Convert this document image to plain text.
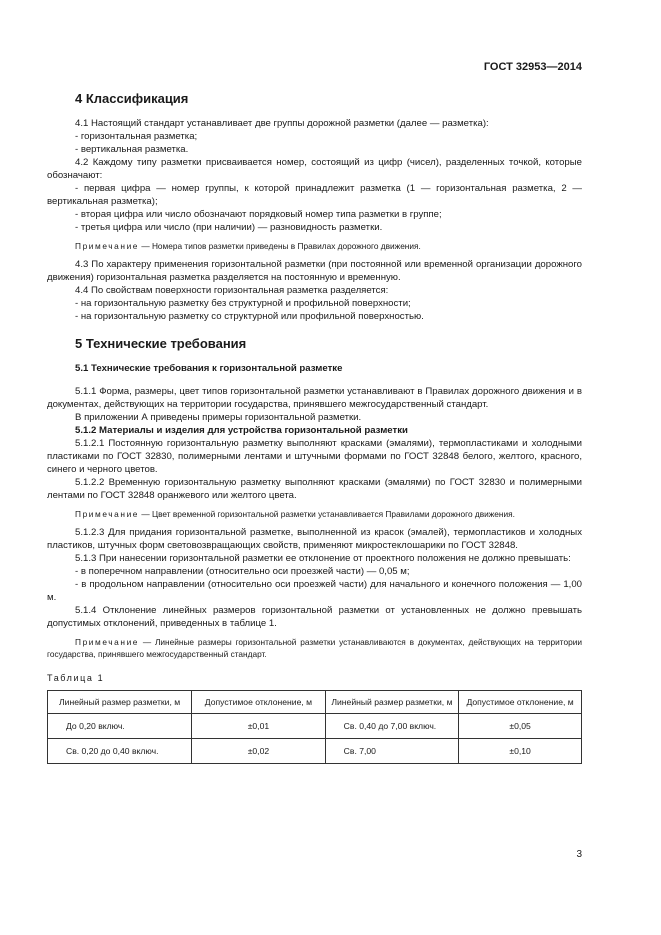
ГОСТ 32953—2014
4 Классификация

4.1 Настоящий стандарт устанавливает две группы дорожной разметки (далее — разметка):

- горизонтальная разметка;

- вертикальная разметка.

4.2 Каждому типу разметки присваивается номер, состоящий из цифр (чисел), разделенных точкой, которые обозначают:

- первая цифра — номер группы, к которой принадлежит разметка (1 — горизонтальная разметка, 2 — вертикальная разметка);

- вторая цифра или число обозначают порядковый номер типа разметки в группе;

- третья цифра или число (при наличии) — разновидность разметки.

Примечание — Номера типов разметки приведены в Правилах дорожного движения.

4.3 По характеру применения горизонтальной разметки (при постоянной или временной организации дорожного движения) горизонтальная разметка разделяется на постоянную и временную.

4.4 По свойствам поверхности горизонтальная разметка разделяется:

- на горизонтальную разметку без структурной и профильной поверхности;

- на горизонтальную разметку со структурной или профильной поверхностью.

5 Технические требования
5.1 Технические требования к горизонтальной разметке

5.1.1 Форма, размеры, цвет типов горизонтальной разметки устанавливают в Правилах дорожного движения и в документах, действующих на территории государства, принявшего межгосударственный стандарт.

В приложении А приведены примеры горизонтальной разметки.

5.1.2 Материалы и изделия для устройства горизонтальной разметки

5.1.2.1 Постоянную горизонтальную разметку выполняют красками (эмалями), термопластиками и холодными пластиками по ГОСТ 32830, полимерными лентами и штучными формами по ГОСТ 32848 белого, желтого, красного, синего и черного цветов.

5.1.2.2 Временную горизонтальную разметку выполняют красками (эмалями) по ГОСТ 32830 и полимерными лентами по ГОСТ 32848 оранжевого или желтого цвета.

Примечание — Цвет временной горизонтальной разметки устанавливается Правилами дорожного движения.

5.1.2.3 Для придания горизонтальной разметке, выполненной из красок (эмалей), термопластиков и холодных пластиков, штучных форм световозвращающих свойств, применяют микростеклошарики по ГОСТ 32848.

5.1.3 При нанесении горизонтальной разметки ее отклонение от проектного положения не должно превышать:

- в поперечном направлении (относительно оси проезжей части) — 0,05 м;

- в продольном направлении (относительно оси проезжей части) для начального и конечного положения — 1,00 м.

5.1.4 Отклонение линейных размеров горизонтальной разметки от установленных не должно превышать допустимых отклонений, приведенных в таблице 1.

Примечание — Линейные размеры горизонтальной разметки устанавливаются в документах, действующих на территории государства, принявшего межгосударственный стандарт.

Таблица 1
Линейный размер разметки, м	Допустимое отклонение, м	Линейный размер разметки, м	Допустимое отклонение, м
До 0,20 включ.	±0,01	Св. 0,40 до 7,00 включ.	±0,05
Св. 0,20 до 0,40 включ.	±0,02	Св. 7,00	±0,10
3
